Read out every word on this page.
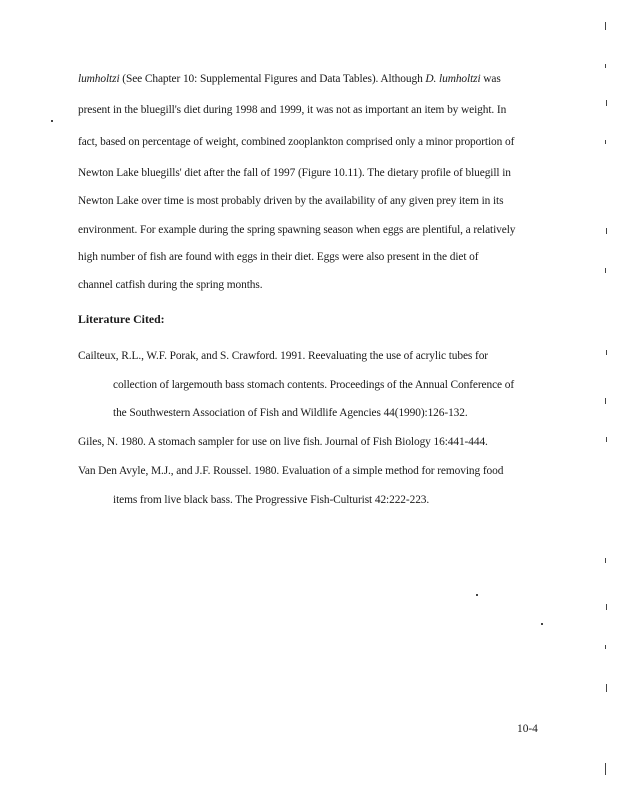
lumholtzi (See Chapter 10: Supplemental Figures and Data Tables). Although D. lumholtzi was
present in the bluegill's diet during 1998 and 1999, it was not as important an item by weight. In
fact, based on percentage of weight, combined zooplankton comprised only a minor proportion of
Newton Lake bluegills' diet after the fall of 1997 (Figure 10.11). The dietary profile of bluegill in
Newton Lake over time is most probably driven by the availability of any given prey item in its
environment. For example during the spring spawning season when eggs are plentiful, a relatively
high number of fish are found with eggs in their diet. Eggs were also present in the diet of
channel catfish during the spring months.
Literature Cited:
Cailteux, R.L., W.F. Porak, and S. Crawford. 1991. Reevaluating the use of acrylic tubes for
collection of largemouth bass stomach contents. Proceedings of the Annual Conference of
the Southwestern Association of Fish and Wildlife Agencies 44(1990):126-132.
Giles, N. 1980. A stomach sampler for use on live fish. Journal of Fish Biology 16:441-444.
Van Den Avyle, M.J., and J.F. Roussel. 1980. Evaluation of a simple method for removing food
items from live black bass. The Progressive Fish-Culturist 42:222-223.
10-4
